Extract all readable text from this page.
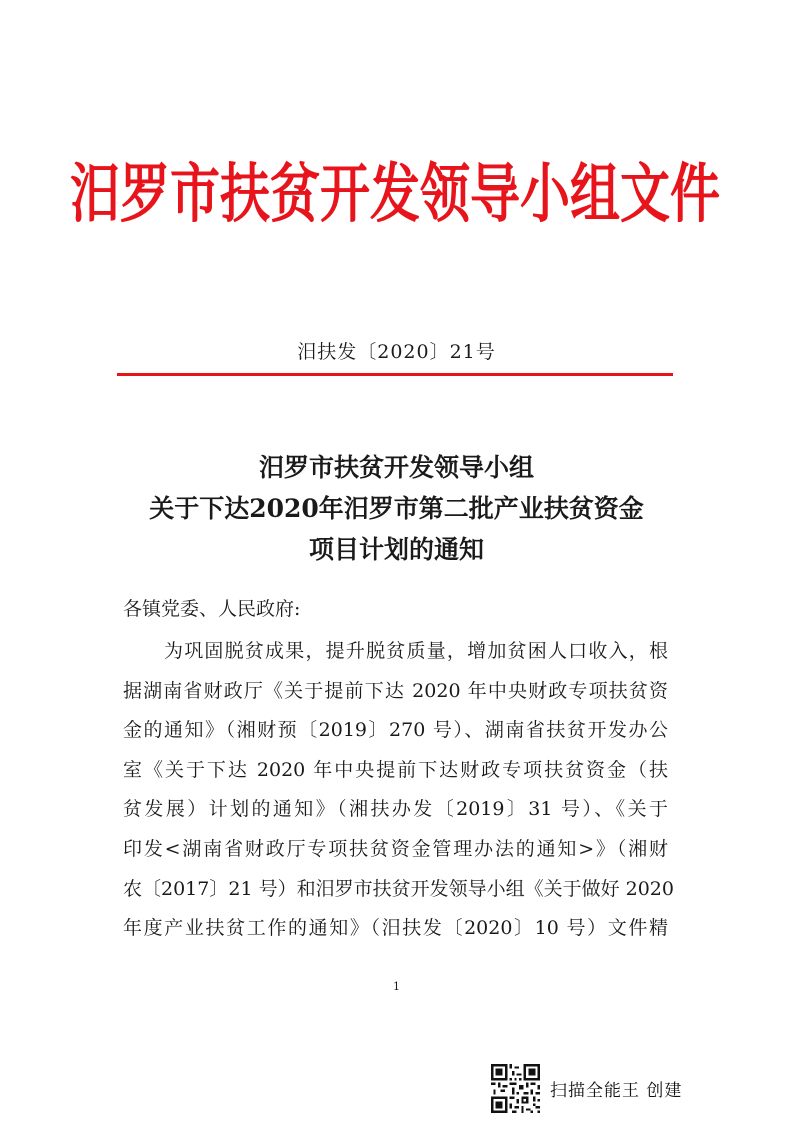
汨罗市扶贫开发领导小组文件
汨扶发〔2020〕21号
汨罗市扶贫开发领导小组
关于下达2020年汨罗市第二批产业扶贫资金
项目计划的通知
各镇党委、人民政府:
为巩固脱贫成果，提升脱贫质量，增加贫困人口收入，根
据湖南省财政厅《关于提前下达 2020 年中央财政专项扶贫资
金的通知》（湘财预〔2019〕270 号）、湖南省扶贫开发办公
室《关于下达 2020 年中央提前下达财政专项扶贫资金（扶
贫发展）计划的通知》（湘扶办发〔2019〕31 号）、《关于
印发<湖南省财政厅专项扶贫资金管理办法的通知>》（湘财
农〔2017〕21 号）和汨罗市扶贫开发领导小组《关于做好 2020
年度产业扶贫工作的通知》（汨扶发〔2020〕10 号）文件精
1
扫描全能王 创建
